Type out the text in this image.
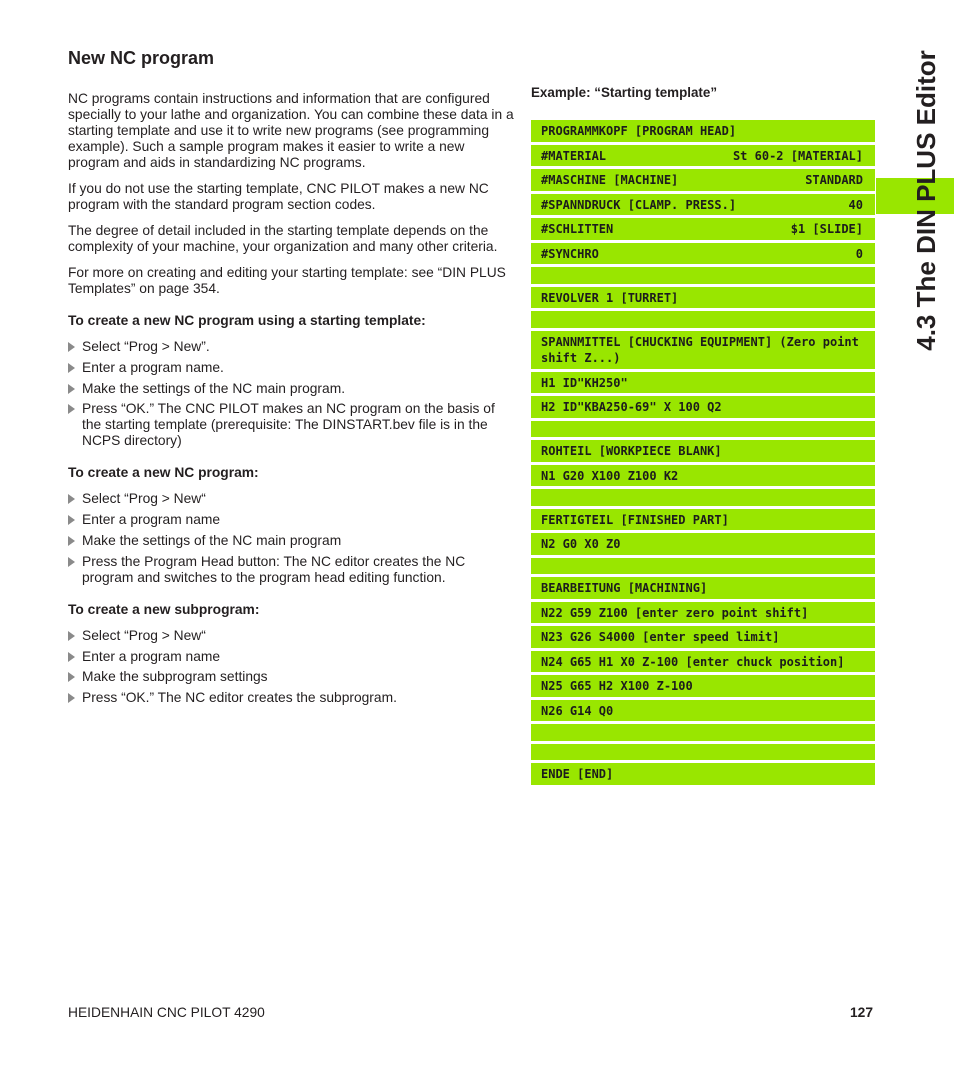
New NC program

NC programs contain instructions and information that are configured specially to your lathe and organization. You can combine these data in a starting template and use it to write new programs (see programming example). Such a sample program makes it easier to write a new program and aids in standardizing NC programs.

If you do not use the starting template, CNC PILOT makes a new NC program with the standard program section codes.

The degree of detail included in the starting template depends on the complexity of your machine, your organization and many other criteria.

For more on creating and editing your starting template: see “DIN PLUS Templates” on page 354.

To create a new NC program using a starting template:
Select “Prog > New”.
Enter a program name.
Make the settings of the NC main program.
Press “OK.” The CNC PILOT makes an NC program on the basis of the starting template (prerequisite: The DINSTART.bev file is in the NCPS directory)
To create a new NC program:
Select “Prog > New“
Enter a program name
Make the settings of the NC main program
Press the Program Head button: The NC editor creates the NC program and switches to the program head editing function.
To create a new subprogram:
Select “Prog > New“
Enter a program name
Make the subprogram settings
Press “OK.” The NC editor creates the subprogram.
Example: “Starting template”
PROGRAMMKOPF [PROGRAM HEAD]
#MATERIAL	St 60-2 [MATERIAL]
#MASCHINE [MACHINE]	STANDARD
#SPANNDRUCK [CLAMP. PRESS.]	40
#SCHLITTEN	$1 [SLIDE]
#SYNCHRO	0
REVOLVER 1 [TURRET]
SPANNMITTEL [CHUCKING EQUIPMENT] (Zero point shift Z...)
H1 ID"KH250"
H2 ID"KBA250-69" X 100 Q2
ROHTEIL [WORKPIECE BLANK]
N1 G20 X100 Z100 K2
FERTIGTEIL [FINISHED PART]
N2 G0 X0 Z0
BEARBEITUNG [MACHINING]
N22 G59 Z100 [enter zero point shift]
N23 G26 S4000 [enter speed limit]
N24 G65 H1 X0 Z-100 [enter chuck position]
N25 G65 H2 X100 Z-100
N26 G14 Q0
ENDE [END]
4.3 The DIN PLUS Editor
HEIDENHAIN CNC PILOT 4290	127
